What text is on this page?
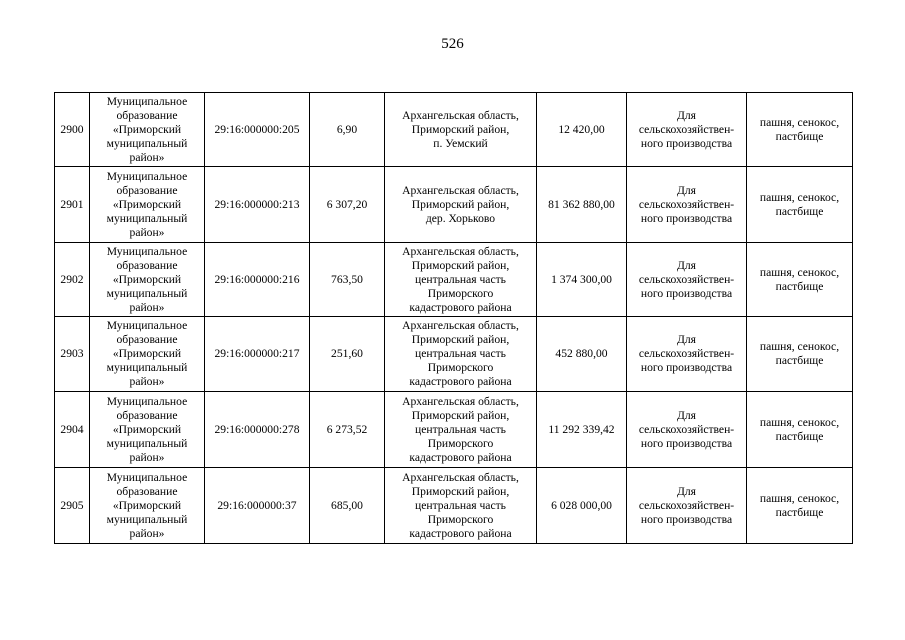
526
2900	Муниципальное
образование
«Приморский
муниципальный
район»	29:16:000000:205	6,90	Архангельская область,
Приморский район,
п. Уемский	12 420,00	Для
сельскохозяйствен-
ного производства	пашня, сенокос,
пастбище

2901	Муниципальное
образование
«Приморский
муниципальный
район»	29:16:000000:213	6 307,20	Архангельская область,
Приморский район,
дер. Хорьково	81 362 880,00	Для
сельскохозяйствен-
ного производства	пашня, сенокос,
пастбище

2902	Муниципальное
образование
«Приморский
муниципальный
район»	29:16:000000:216	763,50	Архангельская область,
Приморский район,
центральная часть
Приморского
кадастрового района	1 374 300,00	Для
сельскохозяйствен-
ного производства	пашня, сенокос,
пастбище

2903	Муниципальное
образование
«Приморский
муниципальный
район»	29:16:000000:217	251,60	Архангельская область,
Приморский район,
центральная часть
Приморского
кадастрового района	452 880,00	Для
сельскохозяйствен-
ного производства	пашня, сенокос,
пастбище

2904	Муниципальное
образование
«Приморский
муниципальный
район»	29:16:000000:278	6 273,52	Архангельская область,
Приморский район,
центральная часть
Приморского
кадастрового района	11 292 339,42	Для
сельскохозяйствен-
ного производства	пашня, сенокос,
пастбище

2905	Муниципальное
образование
«Приморский
муниципальный
район»	29:16:000000:37	685,00	Архангельская область,
Приморский район,
центральная часть
Приморского
кадастрового района	6 028 000,00	Для
сельскохозяйствен-
ного производства	пашня, сенокос,
пастбище
